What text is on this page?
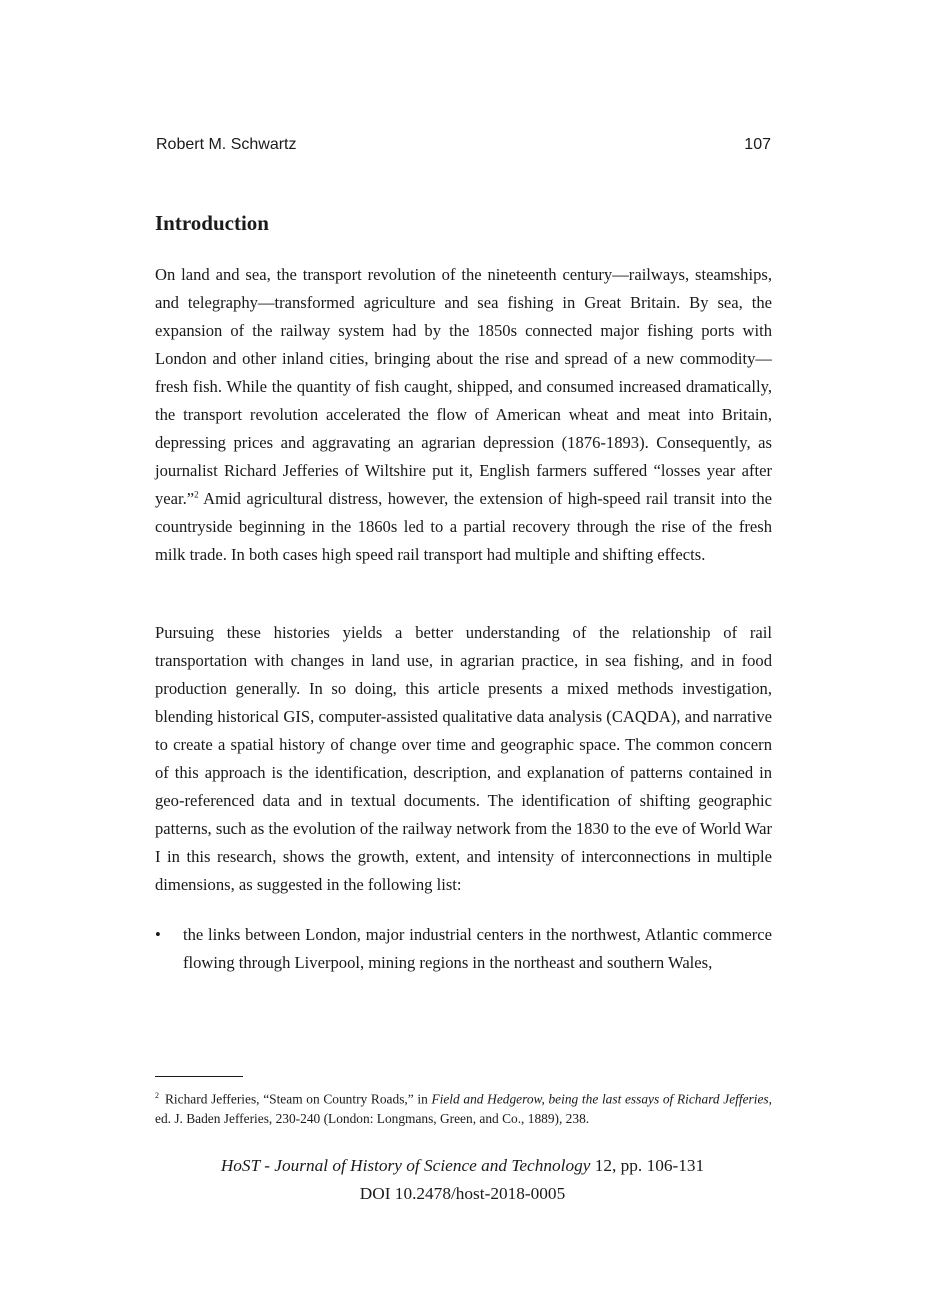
Robert M. Schwartz	107
Introduction

On land and sea, the transport revolution of the nineteenth century—railways, steamships, and telegraphy—transformed agriculture and sea fishing in Great Britain. By sea, the expansion of the railway system had by the 1850s connected major fishing ports with London and other inland cities, bringing about the rise and spread of a new commodity—fresh fish. While the quantity of fish caught, shipped, and consumed increased dramatically, the transport revolution accelerated the flow of American wheat and meat into Britain, depressing prices and aggravating an agrarian depression (1876-1893). Consequently, as journalist Richard Jefferies of Wiltshire put it, English farmers suffered “losses year after year.”$^2$ Amid agricultural distress, however, the extension of high-speed rail transit into the countryside beginning in the 1860s led to a partial recovery through the rise of the fresh milk trade. In both cases high speed rail transport had multiple and shifting effects.

Pursuing these histories yields a better understanding of the relationship of rail transportation with changes in land use, in agrarian practice, in sea fishing, and in food production generally. In so doing, this article presents a mixed methods investigation, blending historical GIS, computer-assisted qualitative data analysis (CAQDA), and narrative to create a spatial history of change over time and geographic space. The common concern of this approach is the identification, description, and explanation of patterns contained in geo-referenced data and in textual documents. The identification of shifting geographic patterns, such as the evolution of the railway network from the 1830 to the eve of World War I in this research, shows the growth, extent, and intensity of interconnections in multiple dimensions, as suggested in the following list:

•	the links between London, major industrial centers in the northwest, Atlantic commerce flowing through Liverpool, mining regions in the northeast and southern Wales,

$^2$ Richard Jefferies, “Steam on Country Roads,” in Field and Hedgerow, being the last essays of Richard Jefferies, ed. J. Baden Jefferies, 230-240 (London: Longmans, Green, and Co., 1889), 238.

HoST - Journal of History of Science and Technology 12, pp. 106-131
DOI 10.2478/host-2018-0005
